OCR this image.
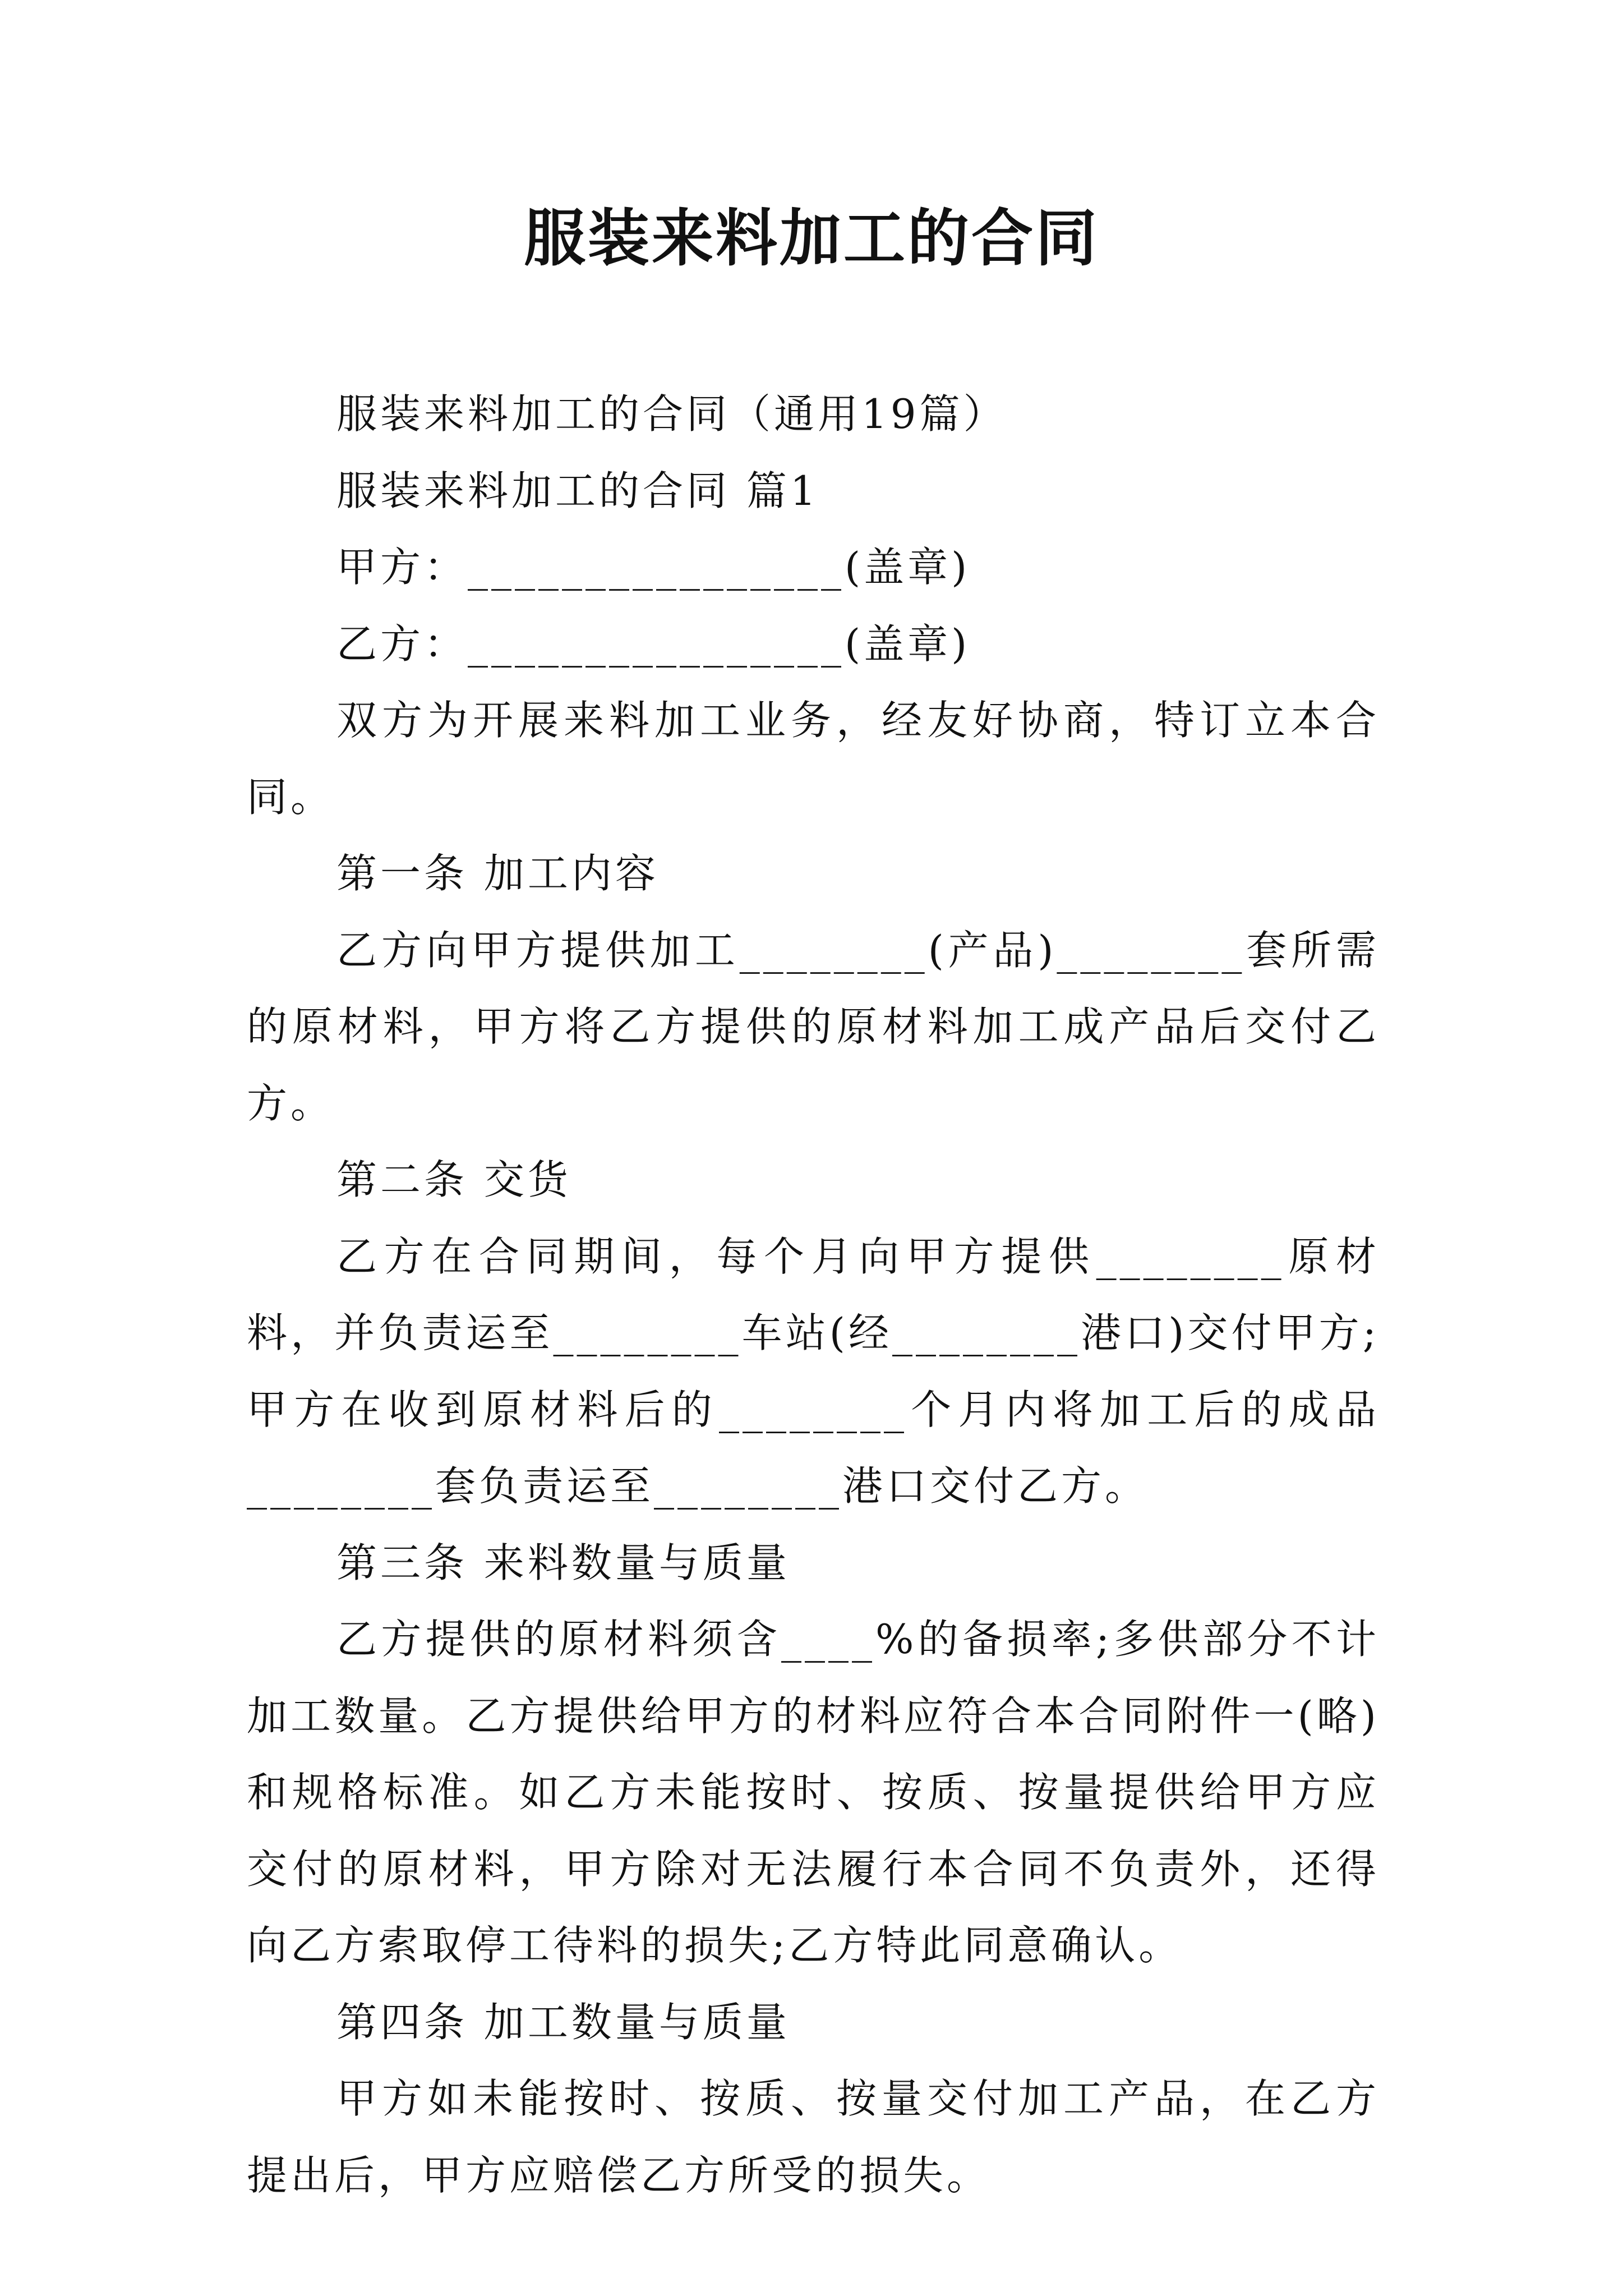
服装来料加工的合同

服装来料加工的合同（通用19篇）

服装来料加工的合同 篇1

甲方：________________(盖章)

乙方：________________(盖章)

双方为开展来料加工业务，经友好协商，特订立本合同。

第一条 加工内容

乙方向甲方提供加工________(产品)________套所需的原材料，甲方将乙方提供的原材料加工成产品后交付乙方。

第二条 交货

乙方在合同期间，每个月向甲方提供________原材料，并负责运至________车站(经________港口)交付甲方;甲方在收到原材料后的________个月内将加工后的成品________套负责运至________港口交付乙方。

第三条 来料数量与质量

乙方提供的原材料须含____%的备损率;多供部分不计加工数量。乙方提供给甲方的材料应符合本合同附件一(略)和规格标准。如乙方未能按时、按质、按量提供给甲方应交付的原材料，甲方除对无法履行本合同不负责外，还得向乙方索取停工待料的损失;乙方特此同意确认。

第四条 加工数量与质量

甲方如未能按时、按质、按量交付加工产品，在乙方提出后，甲方应赔偿乙方所受的损失。
